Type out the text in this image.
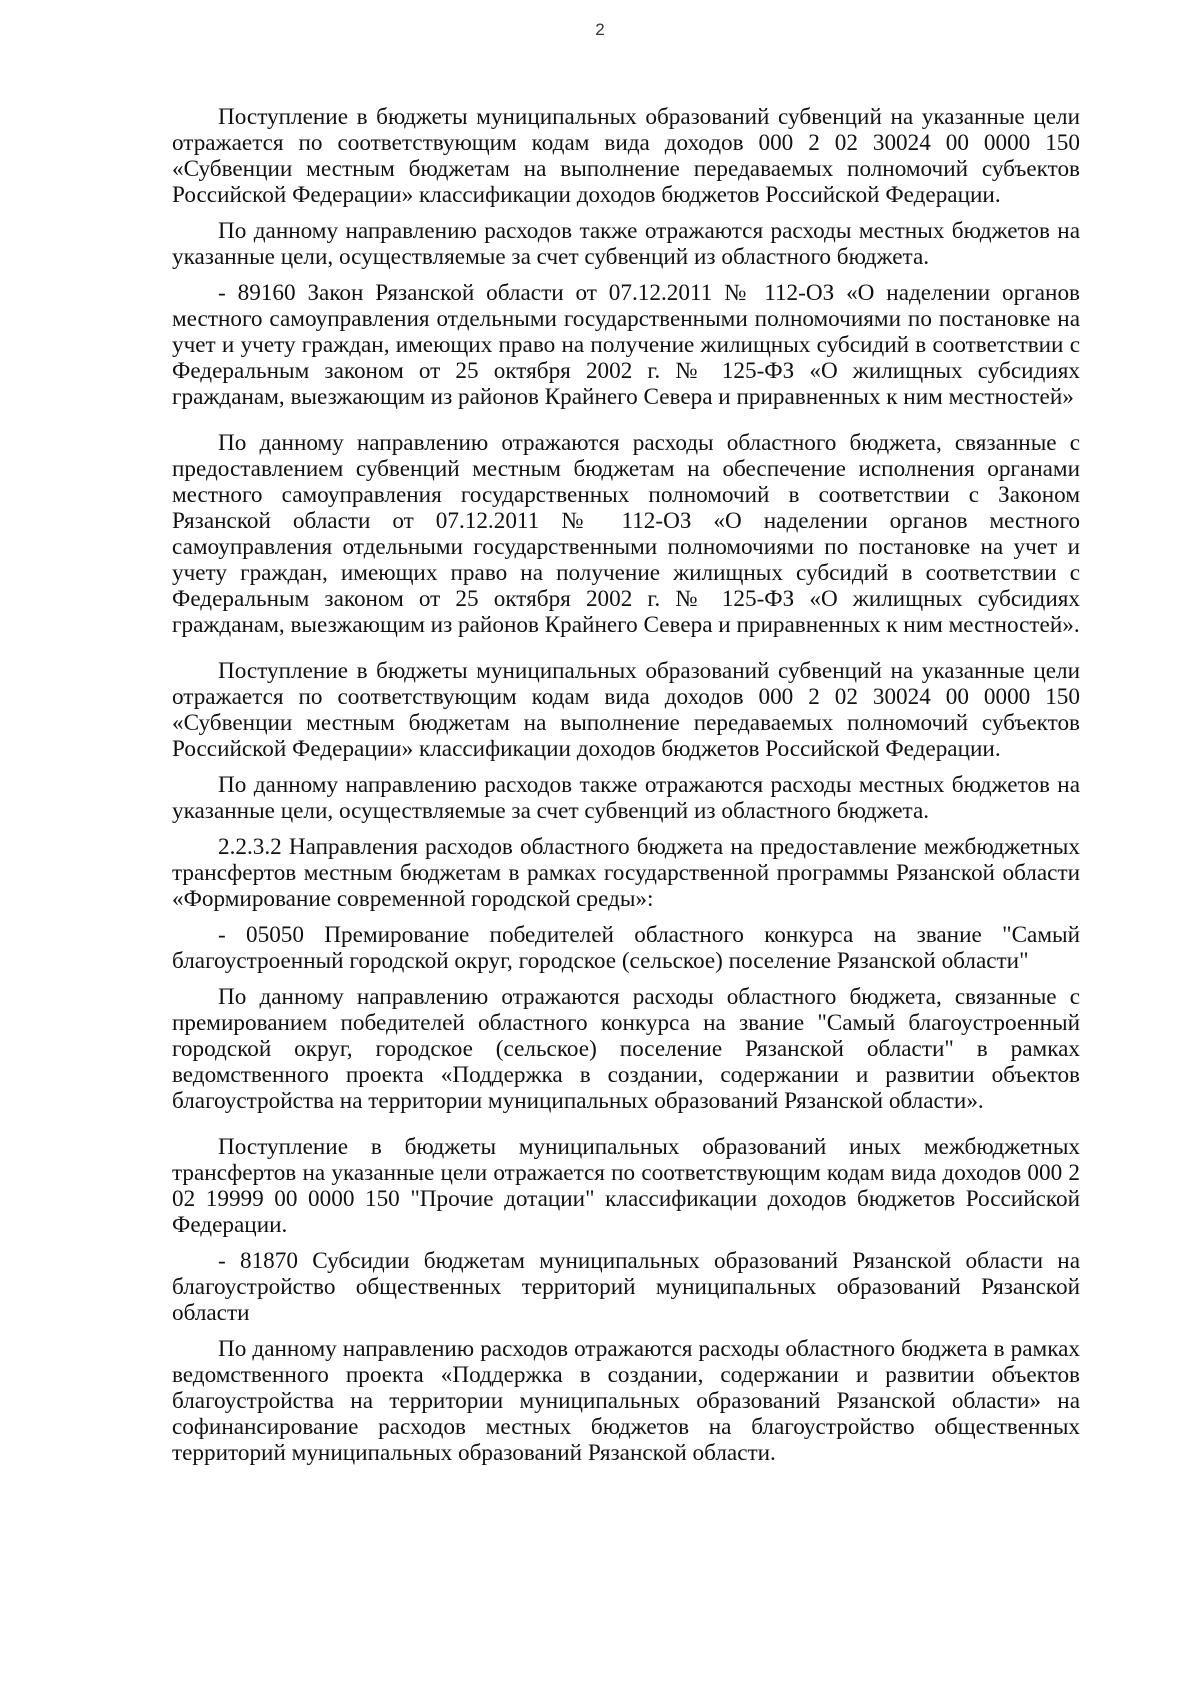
2

Поступление в бюджеты муниципальных образований субвенций на указанные цели отражается по соответствующим кодам вида доходов 000 2 02 30024 00 0000 150 «Субвенции местным бюджетам на выполнение передаваемых полномочий субъектов Российской Федерации» классификации доходов бюджетов Российской Федерации.

По данному направлению расходов также отражаются расходы местных бюджетов на указанные цели, осуществляемые за счет субвенций из областного бюджета.

- 89160 Закон Рязанской области от 07.12.2011 № 112-ОЗ «О наделении органов местного самоуправления отдельными государственными полномочиями по постановке на учет и учету граждан, имеющих право на получение жилищных субсидий в соответствии с Федеральным законом от 25 октября 2002 г. № 125-ФЗ «О жилищных субсидиях гражданам, выезжающим из районов Крайнего Севера и приравненных к ним местностей»

По данному направлению отражаются расходы областного бюджета, связанные с предоставлением субвенций местным бюджетам на обеспечение исполнения органами местного самоуправления государственных полномочий в соответствии с Законом Рязанской области от 07.12.2011 № 112-ОЗ «О наделении органов местного самоуправления отдельными государственными полномочиями по постановке на учет и учету граждан, имеющих право на получение жилищных субсидий в соответствии с Федеральным законом от 25 октября 2002 г. № 125-ФЗ «О жилищных субсидиях гражданам, выезжающим из районов Крайнего Севера и приравненных к ним местностей».

Поступление в бюджеты муниципальных образований субвенций на указанные цели отражается по соответствующим кодам вида доходов 000 2 02 30024 00 0000 150 «Субвенции местным бюджетам на выполнение передаваемых полномочий субъектов Российской Федерации» классификации доходов бюджетов Российской Федерации.

По данному направлению расходов также отражаются расходы местных бюджетов на указанные цели, осуществляемые за счет субвенций из областного бюджета.

2.2.3.2 Направления расходов областного бюджета на предоставление межбюджетных трансфертов местным бюджетам в рамках государственной программы Рязанской области «Формирование современной городской среды»:

- 05050 Премирование победителей областного конкурса на звание "Самый благоустроенный городской округ, городское (сельское) поселение Рязанской области"

По данному направлению отражаются расходы областного бюджета, связанные с премированием победителей областного конкурса на звание "Самый благоустроенный городской округ, городское (сельское) поселение Рязанской области" в рамках ведомственного проекта «Поддержка в создании, содержании и развитии объектов благоустройства на территории муниципальных образований Рязанской области».

Поступление в бюджеты муниципальных образований иных межбюджетных трансфертов на указанные цели отражается по соответствующим кодам вида доходов 000 2 02 19999 00 0000 150 "Прочие дотации" классификации доходов бюджетов Российской Федерации.

- 81870 Субсидии бюджетам муниципальных образований Рязанской области на благоустройство общественных территорий муниципальных образований Рязанской области

По данному направлению расходов отражаются расходы областного бюджета в рамках ведомственного проекта «Поддержка в создании, содержании и развитии объектов благоустройства на территории муниципальных образований Рязанской области» на софинансирование расходов местных бюджетов на благоустройство общественных территорий муниципальных образований Рязанской области.
